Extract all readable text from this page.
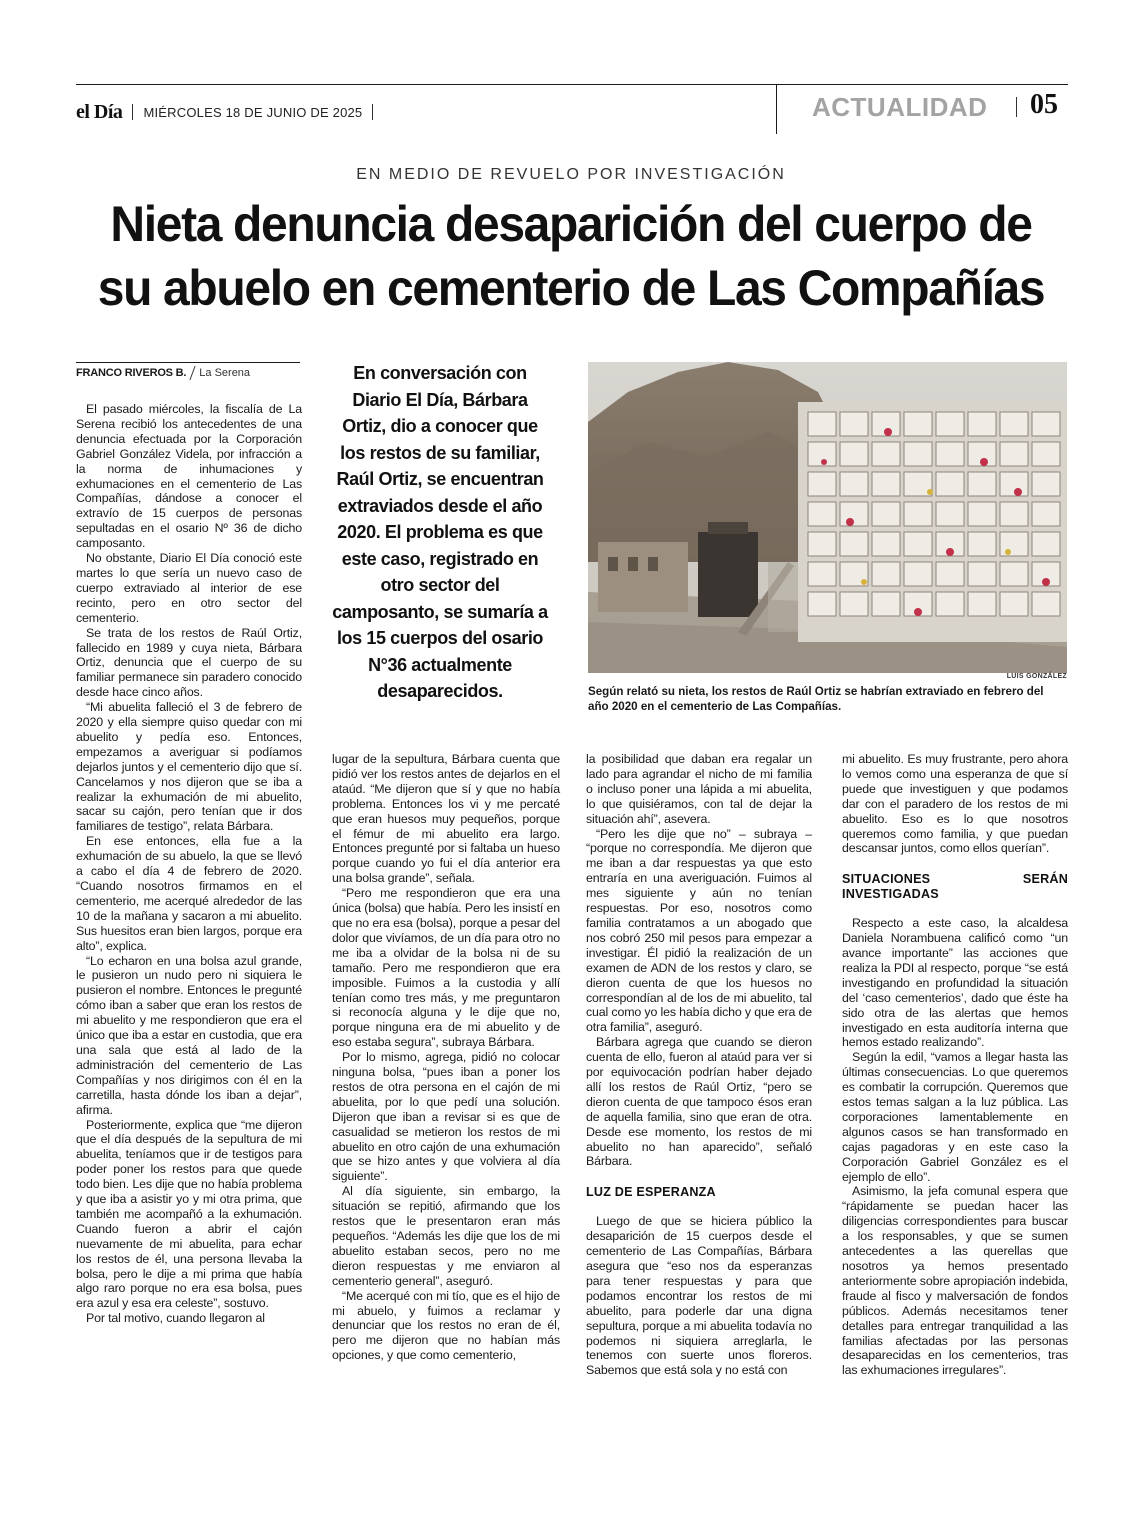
el Día MIÉRCOLES 18 DE JUNIO DE 2025	ACTUALIDAD 05
EN MEDIO DE REVUELO POR INVESTIGACIÓN
Nieta denuncia desaparición del cuerpo de su abuelo en cementerio de Las Compañías
FRANCO RIVEROS B. La Serena	En conversación con Diario El Día, Bárbara Ortiz, dio a conocer que los restos de su familiar, Raúl Ortiz, se encuentran extraviados desde el año 2020. El problema es que este caso, registrado en otro sector del camposanto, se sumaría a los 15 cuerpos del osario N°36 actualmente desaparecidos.
LUIS GONZÁLEZ
Según relató su nieta, los restos de Raúl Ortiz se habrían extraviado en febrero del año 2020 en el cementerio de Las Compañías.

El pasado miércoles, la fiscalía de La Serena recibió los antecedentes de una denuncia efectuada por la Corporación Gabriel González Videla, por infracción a la norma de inhumaciones y exhumaciones en el cementerio de Las Compañías, dándose a conocer el extravío de 15 cuerpos de personas sepultadas en el osario Nº 36 de dicho camposanto.

No obstante, Diario El Día conoció este martes lo que sería un nuevo caso de cuerpo extraviado al interior de ese recinto, pero en otro sector del cementerio.

Se trata de los restos de Raúl Ortiz, fallecido en 1989 y cuya nieta, Bárbara Ortiz, denuncia que el cuerpo de su familiar permanece sin paradero conocido desde hace cinco años.

“Mi abuelita falleció el 3 de febrero de 2020 y ella siempre quiso quedar con mi abuelito y pedía eso. Entonces, empezamos a averiguar si podíamos dejarlos juntos y el cementerio dijo que sí. Cancelamos y nos dijeron que se iba a realizar la exhumación de mi abuelito, sacar su cajón, pero tenían que ir dos familiares de testigo”, relata Bárbara.

En ese entonces, ella fue a la exhumación de su abuelo, la que se llevó a cabo el día 4 de febrero de 2020. “Cuando nosotros firmamos en el cementerio, me acerqué alrededor de las 10 de la mañana y sacaron a mi abuelito. Sus huesitos eran bien largos, porque era alto”, explica.

“Lo echaron en una bolsa azul grande, le pusieron un nudo pero ni siquiera le pusieron el nombre. Entonces le pregunté cómo iban a saber que eran los restos de mi abuelito y me respondieron que era el único que iba a estar en custodia, que era una sala que está al lado de la administración del cementerio de Las Compañías y nos dirigimos con él en la carretilla, hasta dónde los iban a dejar”, afirma.

Posteriormente, explica que “me dijeron que el día después de la sepultura de mi abuelita, teníamos que ir de testigos para poder poner los restos para que quede todo bien. Les dije que no había problema y que iba a asistir yo y mi otra prima, que también me acompañó a la exhumación. Cuando fueron a abrir el cajón nuevamente de mi abuelita, para echar los restos de él, una persona llevaba la bolsa, pero le dije a mi prima que había algo raro porque no era esa bolsa, pues era azul y esa era celeste”, sostuvo.

Por tal motivo, cuando llegaron al

lugar de la sepultura, Bárbara cuenta que pidió ver los restos antes de dejarlos en el ataúd. “Me dijeron que sí y que no había problema. Entonces los vi y me percaté que eran huesos muy pequeños, porque el fémur de mi abuelito era largo. Entonces pregunté por si faltaba un hueso porque cuando yo fui el día anterior era una bolsa grande”, señala.

“Pero me respondieron que era una única (bolsa) que había. Pero les insistí en que no era esa (bolsa), porque a pesar del dolor que vivíamos, de un día para otro no me iba a olvidar de la bolsa ni de su tamaño. Pero me respondieron que era imposible. Fuimos a la custodia y allí tenían como tres más, y me preguntaron si reconocía alguna y le dije que no, porque ninguna era de mi abuelito y de eso estaba segura”, subraya Bárbara.

Por lo mismo, agrega, pidió no colocar ninguna bolsa, “pues iban a poner los restos de otra persona en el cajón de mi abuelita, por lo que pedí una solución. Dijeron que iban a revisar si es que de casualidad se metieron los restos de mi abuelito en otro cajón de una exhumación que se hizo antes y que volviera al día siguiente”.

Al día siguiente, sin embargo, la situación se repitió, afirmando que los restos que le presentaron eran más pequeños. “Además les dije que los de mi abuelito estaban secos, pero no me dieron respuestas y me enviaron al cementerio general”, aseguró.

“Me acerqué con mi tío, que es el hijo de mi abuelo, y fuimos a reclamar y denunciar que los restos no eran de él, pero me dijeron que no habían más opciones, y que como cementerio,

la posibilidad que daban era regalar un lado para agrandar el nicho de mi familia o incluso poner una lápida a mi abuelita, lo que quisiéramos, con tal de dejar la situación ahí”, asevera.

“Pero les dije que no” – subraya – “porque no correspondía. Me dijeron que me iban a dar respuestas ya que esto entraría en una averiguación. Fuimos al mes siguiente y aún no tenían respuestas. Por eso, nosotros como familia contratamos a un abogado que nos cobró 250 mil pesos para empezar a investigar. Él pidió la realización de un examen de ADN de los restos y claro, se dieron cuenta de que los huesos no correspondían al de los de mi abuelito, tal cual como yo les había dicho y que era de otra familia”, aseguró.

Bárbara agrega que cuando se dieron cuenta de ello, fueron al ataúd para ver si por equivocación podrían haber dejado allí los restos de Raúl Ortiz, “pero se dieron cuenta de que tampoco ésos eran de aquella familia, sino que eran de otra. Desde ese momento, los restos de mi abuelito no han aparecido”, señaló Bárbara.

LUZ DE ESPERANZA

Luego de que se hiciera público la desaparición de 15 cuerpos desde el cementerio de Las Compañías, Bárbara asegura que “eso nos da esperanzas para tener respuestas y para que podamos encontrar los restos de mi abuelito, para poderle dar una digna sepultura, porque a mi abuelita todavía no podemos ni siquiera arreglarla, le tenemos con suerte unos floreros. Sabemos que está sola y no está con

mi abuelito. Es muy frustrante, pero ahora lo vemos como una esperanza de que sí puede que investiguen y que podamos dar con el paradero de los restos de mi abuelito. Eso es lo que nosotros queremos como familia, y que puedan descansar juntos, como ellos querían”.

SITUACIONES SERÁN INVESTIGADAS

Respecto a este caso, la alcaldesa Daniela Norambuena calificó como “un avance importante” las acciones que realiza la PDI al respecto, porque “se está investigando en profundidad la situación del ‘caso cementerios’, dado que éste ha sido otra de las alertas que hemos investigado en esta auditoría interna que hemos estado realizando”.

Según la edil, “vamos a llegar hasta las últimas consecuencias. Lo que queremos es combatir la corrupción. Queremos que estos temas salgan a la luz pública. Las corporaciones lamentablemente en algunos casos se han transformado en cajas pagadoras y en este caso la Corporación Gabriel González es el ejemplo de ello”.

Asimismo, la jefa comunal espera que “rápidamente se puedan hacer las diligencias correspondientes para buscar a los responsables, y que se sumen antecedentes a las querellas que nosotros ya hemos presentado anteriormente sobre apropiación indebida, fraude al fisco y malversación de fondos públicos. Además necesitamos tener detalles para entregar tranquilidad a las familias afectadas por las personas desaparecidas en los cementerios, tras las exhumaciones irregulares”.
